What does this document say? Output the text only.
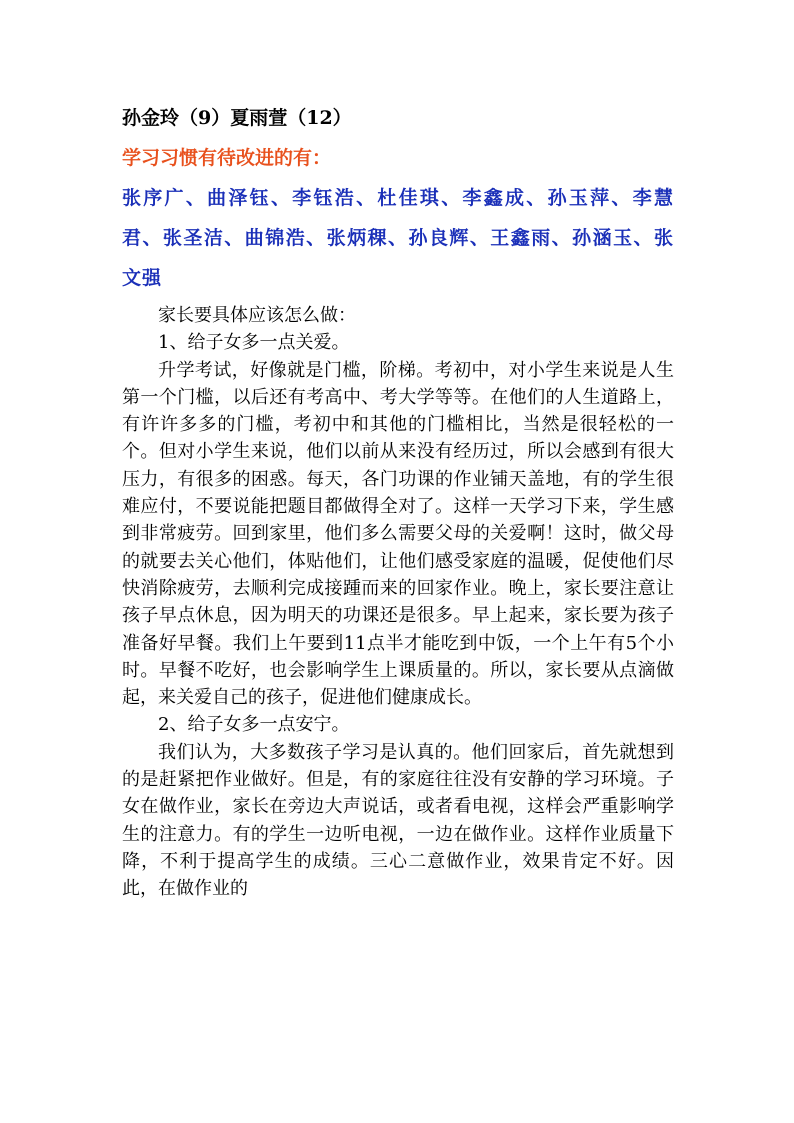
孙金玲（9）夏雨萱（12）

学习习惯有待改进的有：

张序广、曲泽钰、李钰浩、杜佳琪、李鑫成、孙玉萍、李慧君、张圣洁、曲锦浩、张炳稞、孙良辉、王鑫雨、孙涵玉、张文强

家长要具体应该怎么做：

1、给子女多一点关爱。

升学考试，好像就是门槛，阶梯。考初中，对小学生来说是人生第一个门槛，以后还有考高中、考大学等等。在他们的人生道路上，有许许多多的门槛，考初中和其他的门槛相比，当然是很轻松的一个。但对小学生来说，他们以前从来没有经历过，所以会感到有很大压力，有很多的困惑。每天，各门功课的作业铺天盖地，有的学生很难应付，不要说能把题目都做得全对了。这样一天学习下来，学生感到非常疲劳。回到家里，他们多么需要父母的关爱啊！这时，做父母的就要去关心他们，体贴他们，让他们感受家庭的温暖，促使他们尽快消除疲劳，去顺利完成接踵而来的回家作业。晚上，家长要注意让孩子早点休息，因为明天的功课还是很多。早上起来，家长要为孩子准备好早餐。我们上午要到11点半才能吃到中饭，一个上午有5个小时。早餐不吃好，也会影响学生上课质量的。所以，家长要从点滴做起，来关爱自己的孩子，促进他们健康成长。

2、给子女多一点安宁。

我们认为，大多数孩子学习是认真的。他们回家后，首先就想到的是赶紧把作业做好。但是，有的家庭往往没有安静的学习环境。子女在做作业，家长在旁边大声说话，或者看电视，这样会严重影响学生的注意力。有的学生一边听电视，一边在做作业。这样作业质量下降，不利于提高学生的成绩。三心二意做作业，效果肯定不好。因此，在做作业的
